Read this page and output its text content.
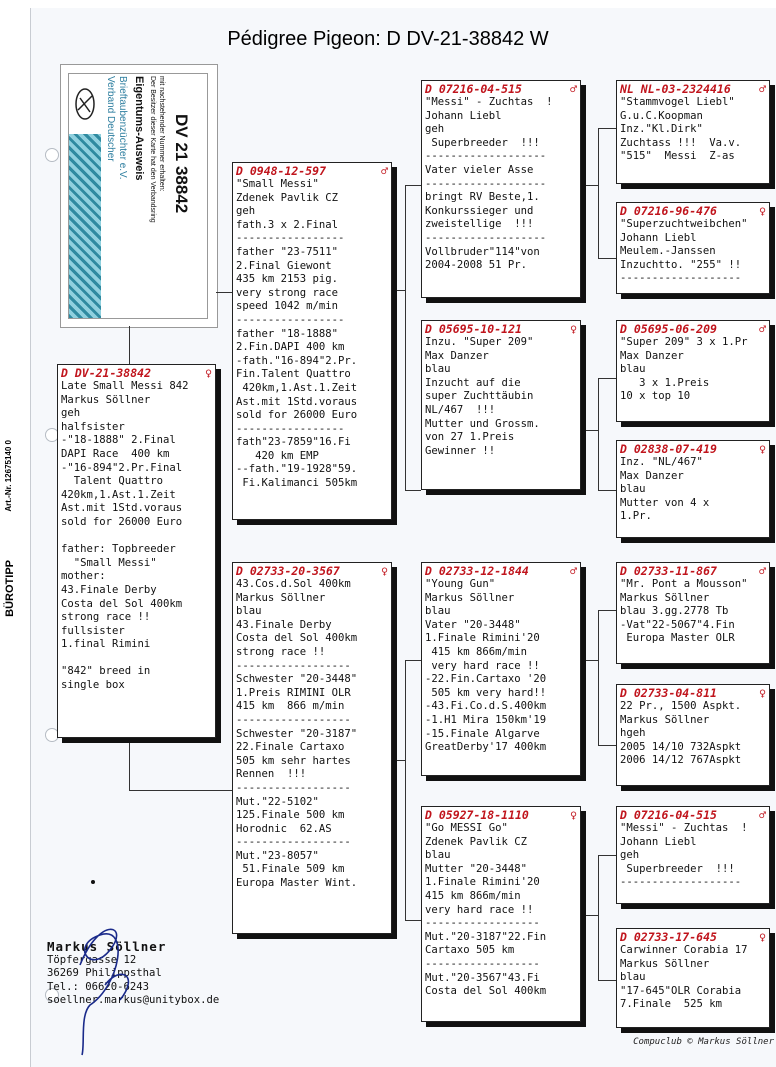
BÜROTIPP
Art.-Nr. 12675140 0
Pédigree Pigeon: D DV-21-38842 W
Verband Deutscher Brieftaubenzüchter e.V. Eigentums-Ausweis Der Besitzer dieser Karte hat den Verbandsring mit nachstehender Nummer erhalten: DV 21 38842
D DV-21-38842	♀
Late Small Messi 842
Markus Söllner
geh
halfsister
-"18-1888" 2.Final
DAPI Race  400 km
-"16-894"2.Pr.Final
Talent Quattro
420km,1.Ast.1.Zeit
Ast.mit 1Std.voraus
sold for 26000 Euro

father: Topbreeder
"Small Messi"
mother:
43.Finale Derby
Costa del Sol 400km
strong race !!
fullsister
1.final Rimini

"842" breed in
single box
D 0948-12-597	♂
"Small Messi"
Zdenek Pavlik CZ
geh
fath.3 x 2.Final
-----------------
father "23-7511"
2.Final Giewont
435 km 2153 pig.
very strong race
speed 1042 m/min
-----------------
father "18-1888"
2.Fin.DAPI 400 km
-fath."16-894"2.Pr.
Fin.Talent Quattro
420km,1.Ast.1.Zeit
Ast.mit 1Std.voraus
sold for 26000 Euro
-----------------
fath"23-7859"16.Fi
420 km EMP
--fath."19-1928"59.
Fi.Kalimanci 505km
D 02733-20-3567	♀
43.Cos.d.Sol 400km
Markus Söllner
blau
43.Finale Derby
Costa del Sol 400km
strong race !!
------------------
Schwester "20-3448"
1.Preis RIMINI OLR
415 km  866 m/min
------------------
Schwester "20-3187"
22.Finale Cartaxo
505 km sehr hartes
Rennen  !!!
------------------
Mut."22-5102"
125.Finale 500 km
Horodnic  62.AS
------------------
Mut."23-8057"
51.Finale 509 km
Europa Master Wint.
D 07216-04-515	♂
"Messi" - Zuchtas  !
Johann Liebl
geh
Superbreeder  !!!
-------------------
Vater vieler Asse
-------------------
bringt RV Beste,1.
Konkurssieger und
zweistellige  !!!
-------------------
Vollbruder"114"von
2004-2008 51 Pr.
D 05695-10-121	♀
Inzu. "Super 209"
Max Danzer
blau
Inzucht auf die
super Zuchttäubin
NL/467  !!!
Mutter und Grossm.
von 27 1.Preis
Gewinner !!
D 02733-12-1844	♂
"Young Gun"
Markus Söllner
blau
Vater "20-3448"
1.Finale Rimini'20
415 km 866m/min
very hard race !!
-22.Fin.Cartaxo '20
505 km very hard!!
-43.Fi.Co.d.S.400km
-1.H1 Mira 150km'19
-15.Finale Algarve
GreatDerby'17 400km
D 05927-18-1110	♀
"Go MESSI Go"
Zdenek Pavlik CZ
blau
Mutter "20-3448"
1.Finale Rimini'20
415 km 866m/min
very hard race !!
------------------
Mut."20-3187"22.Fin
Cartaxo 505 km
------------------
Mut."20-3567"43.Fi
Costa del Sol 400km
NL NL-03-2324416 ♂
"Stammvogel Liebl"
G.u.C.Koopman
Inz."Kl.Dirk"
Zuchtass !!!  Va.v.
"515"  Messi  Z-as
D 07216-96-476	♀
"Superzuchtweibchen"
Johann Liebl
Meulem.-Janssen
Inzuchtto. "255" !!
-------------------
D 05695-06-209	♂
"Super 209" 3 x 1.Pr
Max Danzer
blau
3 x 1.Preis
10 x top 10
D 02838-07-419	♀
Inz. "NL/467"
Max Danzer
blau
Mutter von 4 x
1.Pr.
D 02733-11-867	♂
"Mr. Pont a Mousson"
Markus Söllner
blau 3.gg.2778 Tb
-Vat"22-5067"4.Fin
Europa Master OLR
D 02733-04-811	♀
22 Pr., 1500 Aspkt.
Markus Söllner
hgeh
2005 14/10 732Aspkt
2006 14/12 767Aspkt
D 07216-04-515	♂
"Messi" - Zuchtas  !
Johann Liebl
geh
Superbreeder  !!!
-------------------
D 02733-17-645	♀
Carwinner Corabia 17
Markus Söllner
blau
"17-645"OLR Corabia
7.Finale  525 km
Markus Söllner
Töpfergasse 12
36269 Philippsthal
Tel.: 06620-6243
soellner.markus@unitybox.de
Compuclub © Markus Söllner
